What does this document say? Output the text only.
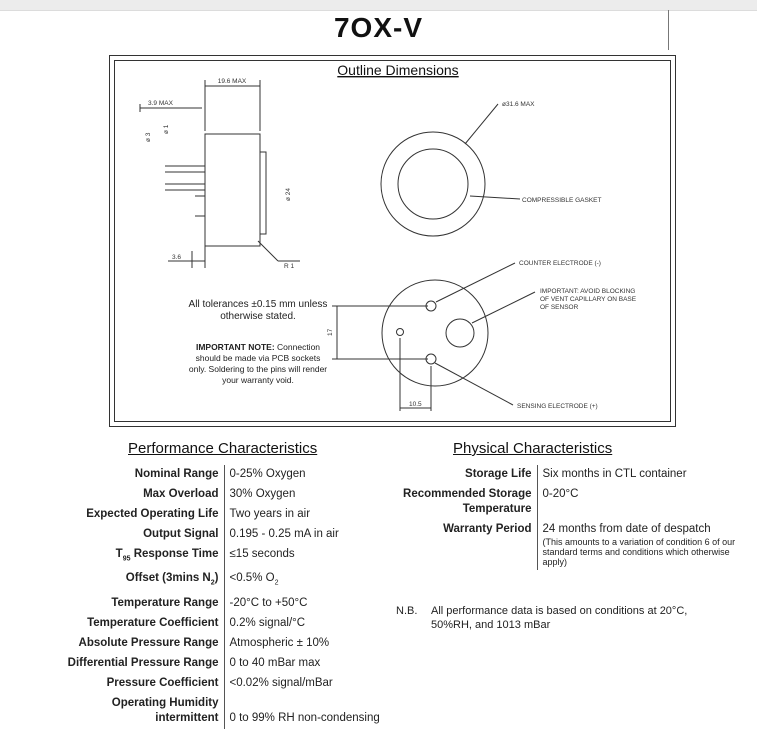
7OX-V
Outline Dimensions
19.6 MAX
3.9 MAX
ø 3
ø 1
ø 24
3.6
R 1
ø31.6 MAX
COMPRESSIBLE GASKET
COUNTER ELECTRODE (-)
IMPORTANT: AVOID BLOCKING
OF VENT CAPILLARY ON BASE
OF SENSOR
SENSING ELECTRODE (+)
17
10.5
All tolerances ±0.15 mm unless
otherwise stated.
IMPORTANT NOTE: Connection
should be made via PCB sockets
only. Soldering to the pins will render
your warranty void.
Performance Characteristics
Nominal Range	0-25% Oxygen
Max Overload	30% Oxygen
Expected Operating Life	Two years in air
Output Signal	0.195 - 0.25 mA in air
$T_{95}$ Response Time	≤15 seconds
Offset (3mins $N_2$)	<0.5% $O_2$
Temperature Range	-20°C to +50°C
Temperature Coefficient	0.2% signal/°C
Absolute Pressure Range	Atmospheric ± 10%
Differential Pressure Range	0 to 40 mBar max
Pressure Coefficient	<0.02% signal/mBar
Operating Humidity
intermittent	0 to 99% RH non-condensing
Physical Characteristics
Storage Life	Six months in CTL container
Recommended Storage Temperature	0-20°C
Warranty Period	24 months from date of despatch
(This amounts to a variation of condition 6 of our standard terms and conditions which otherwise apply)
N.B. All performance data is based on conditions at 20°C, 50%RH, and 1013 mBar
